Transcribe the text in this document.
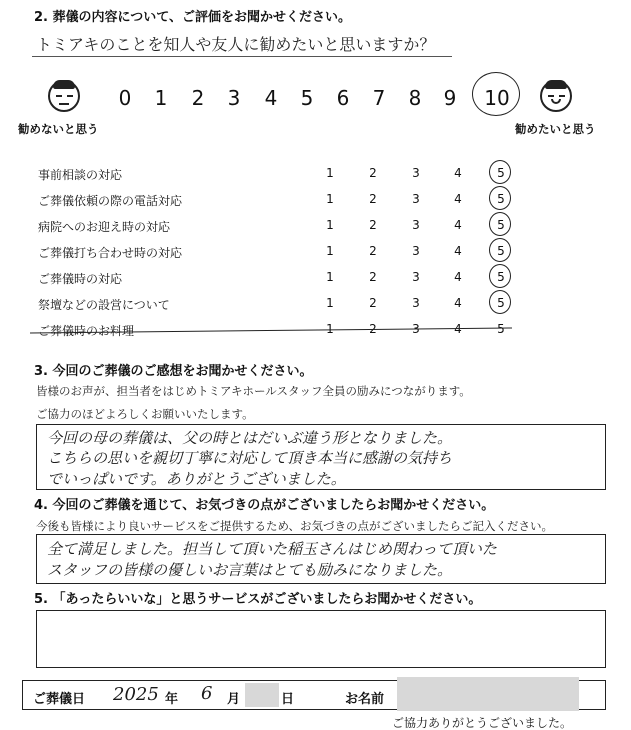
2. 葬儀の内容について、ご評価をお聞かせください。
トミアキのことを知人や友人に勧めたいと思いますか？
勧めないと思う	勧めたいと思う
0 1 2 3 4 5 6 7 8 9 10
事前相談の対応	1	2	3	4	5
ご葬儀依頼の際の電話対応	1	2	3	4	5
病院へのお迎え時の対応	1	2	3	4	5
ご葬儀打ち合わせ時の対応	1	2	3	4	5
ご葬儀時の対応	1	2	3	4	5
祭壇などの設営について	1	2	3	4	5
ご葬儀時のお料理	1	2	3	4	5
3. 今回のご葬儀のご感想をお聞かせください。
皆様のお声が、担当者をはじめトミアキホールスタッフ全員の励みにつながります。
ご協力のほどよろしくお願いいたします。
今回の母の葬儀は、父の時とはだいぶ違う形となりました。
こちらの思いを親切丁寧に対応して頂き本当に感謝の気持ち
でいっぱいです。ありがとうございました。
4. 今回のご葬儀を通じて、お気づきの点がございましたらお聞かせください。
今後も皆様により良いサービスをご提供するため、お気づきの点がございましたらご記入ください。
全て満足しました。担当して頂いた稲玉さんはじめ関わって頂いた
スタッフの皆様の優しいお言葉はとても励みになりました。
5. 「あったらいいな」と思うサービスがございましたらお聞かせください。
ご葬儀日 2025 年 6 月	日	お名前
ご協力ありがとうございました。
